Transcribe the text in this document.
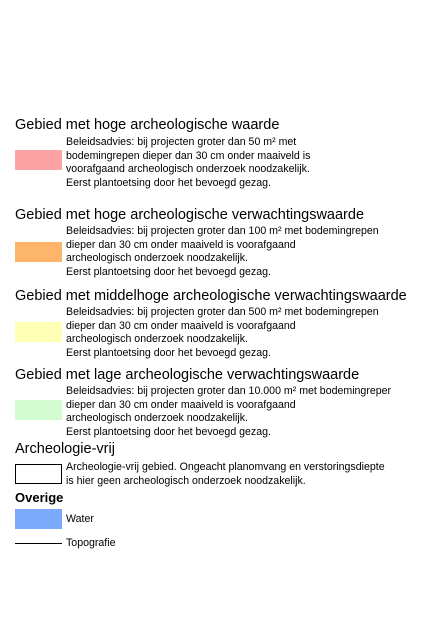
Gebied met hoge archeologische waarde
Beleidsadvies: bij projecten groter dan 50 m² met
bodemingrepen dieper dan 30 cm onder maaiveld is
voorafgaand archeologisch onderzoek noodzakelijk.
Eerst plantoetsing door het bevoegd gezag.
Gebied met hoge archeologische verwachtingswaarde
Beleidsadvies: bij projecten groter dan 100 m² met bodemingrepen
dieper dan 30 cm onder maaiveld is voorafgaand
archeologisch onderzoek noodzakelijk.
Eerst plantoetsing door het bevoegd gezag.
Gebied met middelhoge archeologische verwachtingswaarde
Beleidsadvies: bij projecten groter dan 500 m² met bodemingrepen
dieper dan 30 cm onder maaiveld is voorafgaand
archeologisch onderzoek noodzakelijk.
Eerst plantoetsing door het bevoegd gezag.
Gebied met lage archeologische verwachtingswaarde
Beleidsadvies: bij projecten groter dan 10.000 m² met bodemingreper
dieper dan 30 cm onder maaiveld is voorafgaand
archeologisch onderzoek noodzakelijk.
Eerst plantoetsing door het bevoegd gezag.
Archeologie-vrij
Archeologie-vrij gebied. Ongeacht planomvang en verstoringsdiepte
is hier geen archeologisch onderzoek noodzakelijk.
Overige
Water
Topografie
